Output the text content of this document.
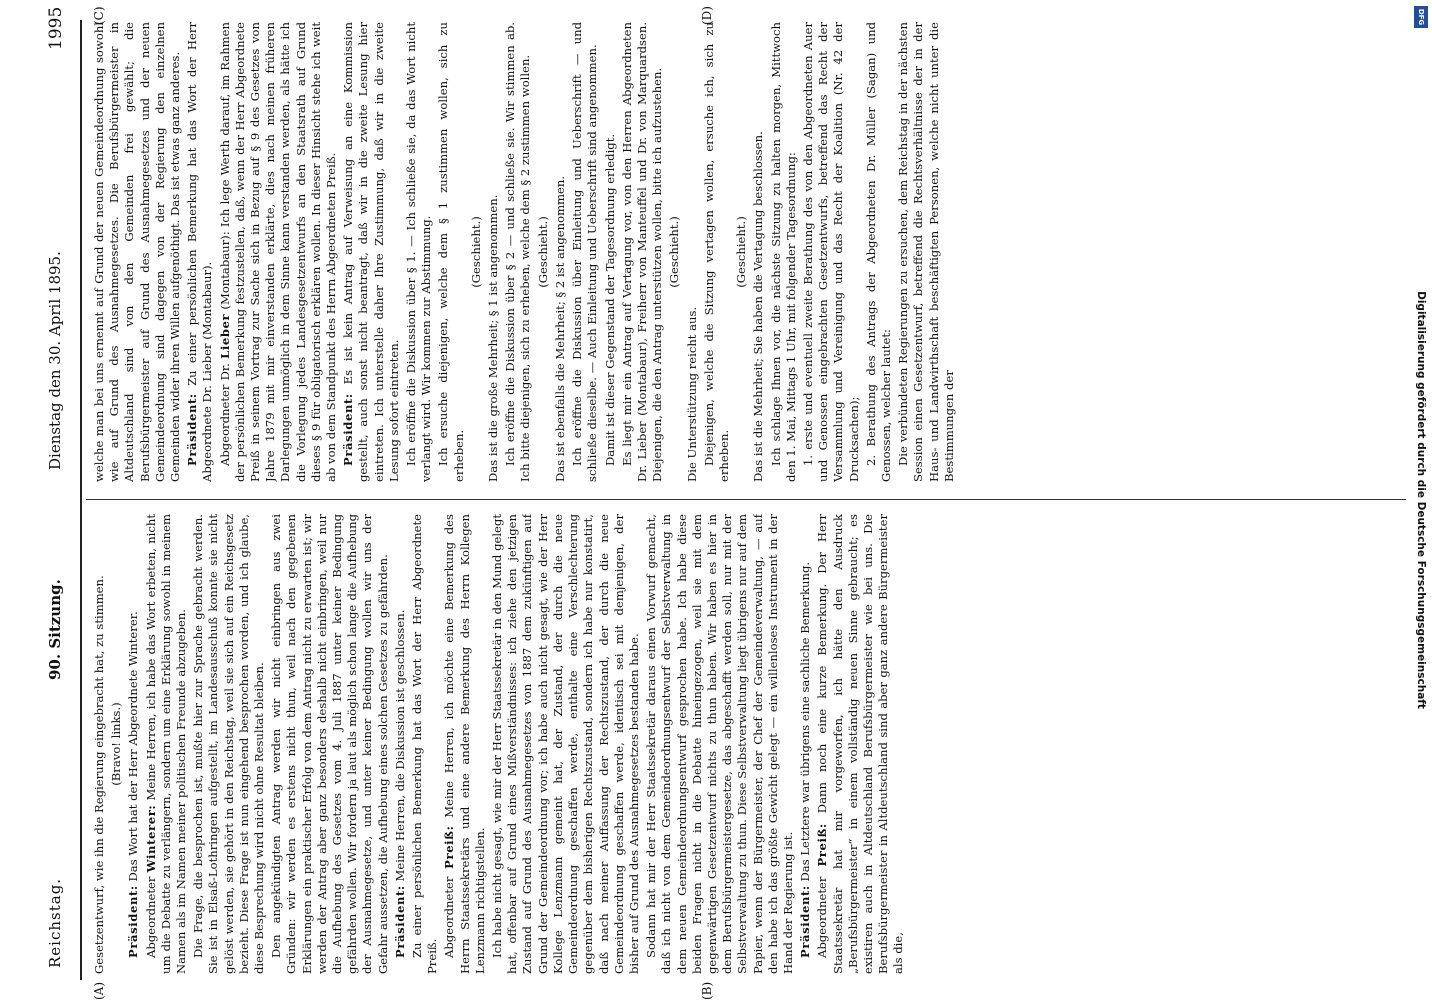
Reichstag.
90. Sitzung.
Dienstag den 30. April 1895.
1995
(A)	(B)
(C)	(D)

Gesetzentwurf, wie ihn die Regierung eingebracht hat, zu stimmen. (Bravo! links.)

Präsident: Das Wort hat der Herr Abgeordnete Winterer.

Abgeordneter Winterer: Meine Herren, ich habe das Wort erbeten, nicht um die Debatte zu verlängern, sondern um eine Erklärung sowohl in meinem Namen als im Namen meiner politischen Freunde abzugeben. Die Frage, die besprochen ist, mußte hier zur Sprache gebracht werden. Sie ist in Elsaß-Lothringen aufgestellt, im Landesausschuß konnte sie nicht gelöst werden, sie gehört in den Reichstag, weil sie sich auf ein Reichsgesetz bezieht. Diese Frage ist nun eingehend besprochen worden, und ich glaube, diese Besprechung wird nicht ohne Resultat bleiben. Den angekündigten Antrag werden wir nicht einbringen aus zwei Gründen: wir werden es erstens nicht thun, weil nach den gegebenen Erklärungen ein praktischer Erfolg von dem Antrag nicht zu erwarten ist; wir werden der Antrag aber ganz besonders deshalb nicht einbringen, weil nur die Aufhebung des Gesetzes vom 4. Juli 1887 unter keiner Bedingung gefährden wollen. Wir fordern ja laut als möglich schon lange die Aufhebung der Ausnahmegesetze, und unter keiner Bedingung wollen wir uns der Gefahr aussetzen, die Aufhebung eines solchen Gesetzes zu gefährden. Präsident: Meine Herren, die Diskussion ist geschlossen. Zu einer persönlichen Bemerkung hat das Wort der Herr Abgeordnete Preiß. Abgeordneter Preiß: Meine Herren, ich möchte eine Bemerkung des Herrn Staatssekretärs und eine andere Bemerkung des Herrn Kollegen Lenzmann richtigstellen. Ich habe nicht gesagt, wie mir der Herr Staatssekretär in den Mund gelegt hat, offenbar auf Grund eines Mißverständnisses: ich ziehe den jetzigen Zustand auf Grund des Ausnahmegesetzes von 1887 dem zukünftigen auf Grund der Gemeindeordnung vor; ich habe auch nicht gesagt, wie der Herr Kollege Lenzmann gemeint hat, der Zustand, der durch die neue Gemeindeordnung geschaffen werde, enthalte eine Verschlechterung gegenüber dem bisherigen Rechtszustand, sondern ich habe nur konstatirt, daß nach meiner Auffassung der Rechtszustand, der durch die neue Gemeindeordnung geschaffen werde, identisch sei mit demjenigen, der bisher auf Grund des Ausnahmegesetzes bestanden habe. Sodann hat mir der Herr Staatssekretär daraus einen Vorwurf gemacht, daß ich nicht von dem Gemeindeordnungsentwurf der Selbstverwaltung in dem neuen Gemeindeordnungsentwurf gesprochen habe. Ich habe diese beiden Fragen nicht in die Debatte hineingezogen, weil sie mit dem gegenwärtigen Gesetzentwurf nichts zu thun haben. Wir haben es hier in dem Berufsbürgermeistergesetze, das abgeschafft werden soll, nur mit der Selbstverwaltung zu thun. Diese Selbstverwaltung liegt übrigens nur auf dem Papier, wenn der Bürgermeister, der Chef der Gemeindeverwaltung, — auf den habe ich das größte Gewicht gelegt — ein willenloses Instrument in der Hand der Regierung ist. Präsident: Das Letztere war übrigens eine sachliche Bemerkung.

Abgeordneter Preiß: Dann noch eine kurze Bemerkung. Der Herr Staatssekretär hat mir vorgeworfen, ich hätte den Ausdruck „Berufsbürgermeister“ in einem vollständig neuen Sinne gebraucht; es existiren auch in Altdeutschland Berufsbürgermeister wie bei uns. Die Berufsbürgermeister in Altdeutschland sind aber ganz andere Bürgermeister als die,

welche man bei uns ernennt auf Grund der neuen Gemeindeordnung sowohl wie auf Grund des Ausnahmegesetzes. Die Berufsbürgermeister in Altdeutschland sind von den Gemeinden frei gewählt; die Berufsbürgermeister auf Grund des Ausnahmegesetzes und der neuen Gemeindeordnung sind dagegen von der Regierung den einzelnen Gemeinden wider ihren Willen aufgenöthigt. Das ist etwas ganz anderes. Präsident: Zu einer persönlichen Bemerkung hat das Wort der Herr Abgeordnete Dr. Lieber (Montabaur). Abgeordneter Dr. Lieber (Montabaur): Ich lege Werth darauf, im Rahmen der persönlichen Bemerkung festzustellen, daß, wenn der Herr Abgeordnete Preiß in seinem Vortrag zur Sache sich in Bezug auf § 9 des Gesetzes von Jahre 1879 mit mir einverstanden erklärte, dies nach meinen früheren Darlegungen unmöglich in dem Sinne kann verstanden werden, als hätte ich die Vorlegung jedes Landesgesetzentwurfs an den Staatsrath auf Grund dieses § 9 für obligatorisch erklären wollen. In dieser Hinsicht stehe ich weit ab von dem Standpunkt des Herrn Abgeordneten Preiß. Präsident: Es ist kein Antrag auf Verweisung an eine Kommission gestellt, auch sonst nicht beantragt, daß wir in die zweite Lesung hier eintreten. Ich unterstelle daher Ihre Zustimmung, daß wir in die zweite Lesung sofort eintreten. Ich eröffne die Diskussion über § 1. — Ich schließe sie, da das Wort nicht verlangt wird. Wir kommen zur Abstimmung. Ich ersuche diejenigen, welche dem § 1 zustimmen wollen, sich zu erheben.

(Geschieht.) Das ist die große Mehrheit; § 1 ist angenommen. Ich eröffne die Diskussion über § 2 — und schließe sie. Wir stimmen ab. Ich bitte diejenigen, sich zu erheben, welche dem § 2 zustimmen wollen. (Geschieht.) Das ist ebenfalls die Mehrheit; § 2 ist angenommen. Ich eröffne die Diskussion über Einleitung und Ueberschrift — und schließe dieselbe. — Auch Einleitung und Ueberschrift sind angenommen. Damit ist dieser Gegenstand der Tagesordnung erledigt. Es liegt mir ein Antrag auf Vertagung vor, von den Herren Abgeordneten Dr. Lieber (Montabaur), Freiherr von Manteuffel und Dr. von Marquardsen. Diejenigen, die den Antrag unterstützen wollen, bitte ich aufzustehen. (Geschieht.)

Die Unterstützung reicht aus. Diejenigen, welche die Sitzung vertagen wollen, ersuche ich, sich zu erheben.

(Geschieht.) Das ist die Mehrheit; Sie haben die Vertagung beschlossen. Ich schlage Ihnen vor, die nächste Sitzung zu halten morgen, Mittwoch den 1. Mai, Mittags 1 Uhr, mit folgender Tagesordnung: 1. erste und eventuell zweite Berathung des von den Abgeordneten Auer und Genossen eingebrachten Gesetzentwurfs, betreffend das Recht der Versammlung und Vereinigung und das Recht der Koalition (Nr. 42 der Drucksachen); 2. Berathung des Antrags der Abgeordneten Dr. Müller (Sagan) und Genossen, welcher lautet: Die verbündeten Regierungen zu ersuchen, dem Reichstag in der nächsten Session einen Gesetzentwurf, betreffend die Rechtsverhältnisse der in der Haus- und Landwirthschaft beschäftigten Personen, welche nicht unter die Bestimmungen der	Digitalisierung gefördert durch die Deutsche Forschungsgemeinschaft
DFG
